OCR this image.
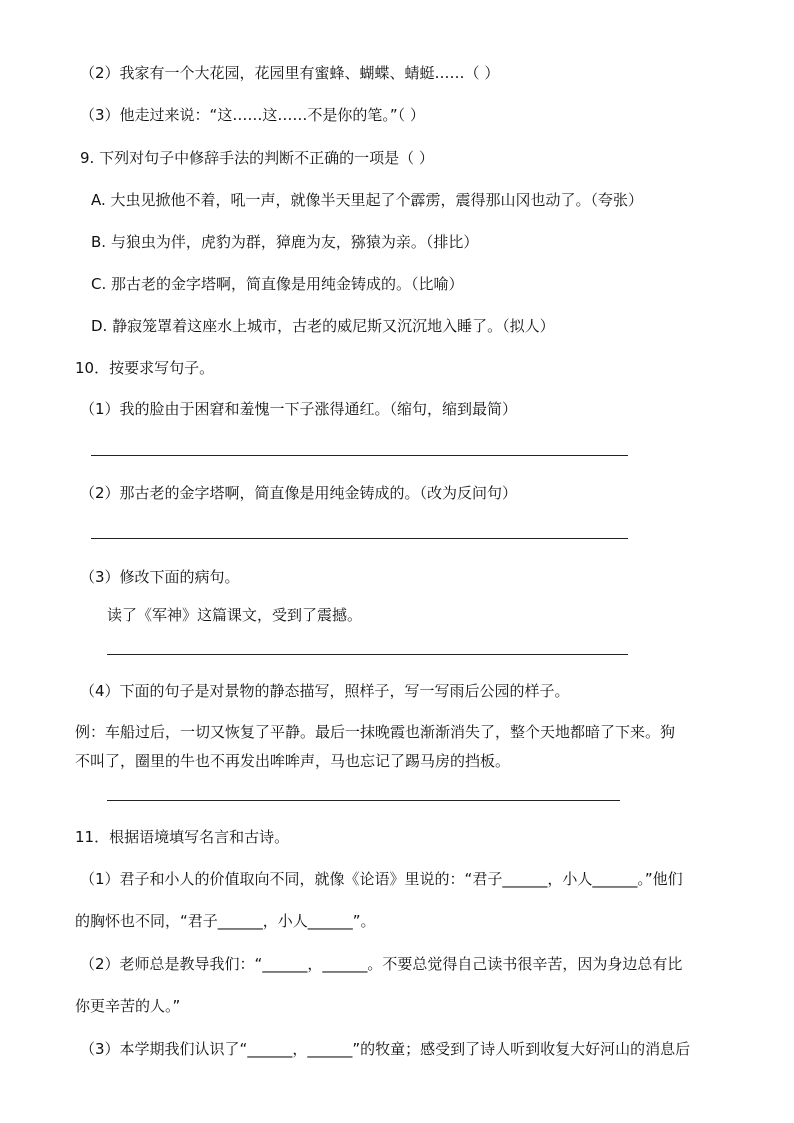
（2）我家有一个大花园，花园里有蜜蜂、蝴蝶、蜻蜓……（ ）
（3）他走过来说：“这……这……不是你的笔。”（ ）
9. 下列对句子中修辞手法的判断不正确的一项是（ ）
A. 大虫见掀他不着，吼一声，就像半天里起了个霹雳，震得那山冈也动了。（夸张）
B. 与狼虫为伴，虎豹为群，獐鹿为友，猕猿为亲。（排比）
C. 那古老的金字塔啊，简直像是用纯金铸成的。（比喻）
D. 静寂笼罩着这座水上城市，古老的威尼斯又沉沉地入睡了。（拟人）
10．按要求写句子。
（1）我的脸由于困窘和羞愧一下子涨得通红。（缩句，缩到最简）
（2）那古老的金字塔啊，简直像是用纯金铸成的。（改为反问句）
（3）修改下面的病句。
读了《军神》这篇课文，受到了震撼。
（4）下面的句子是对景物的静态描写，照样子，写一写雨后公园的样子。
例：车船过后，一切又恢复了平静。最后一抹晚霞也渐渐消失了，整个天地都暗了下来。狗
不叫了，圈里的牛也不再发出哞哞声，马也忘记了踢马房的挡板。
11．根据语境填写名言和古诗。
（1）君子和小人的价值取向不同，就像《论语》里说的：“君子______，小人______。”他们
的胸怀也不同，“君子______，小人______”。
（2）老师总是教导我们：“______，______。不要总觉得自己读书很辛苦，因为身边总有比
你更辛苦的人。”
（3）本学期我们认识了“______，______”的牧童；感受到了诗人听到收复大好河山的消息后
